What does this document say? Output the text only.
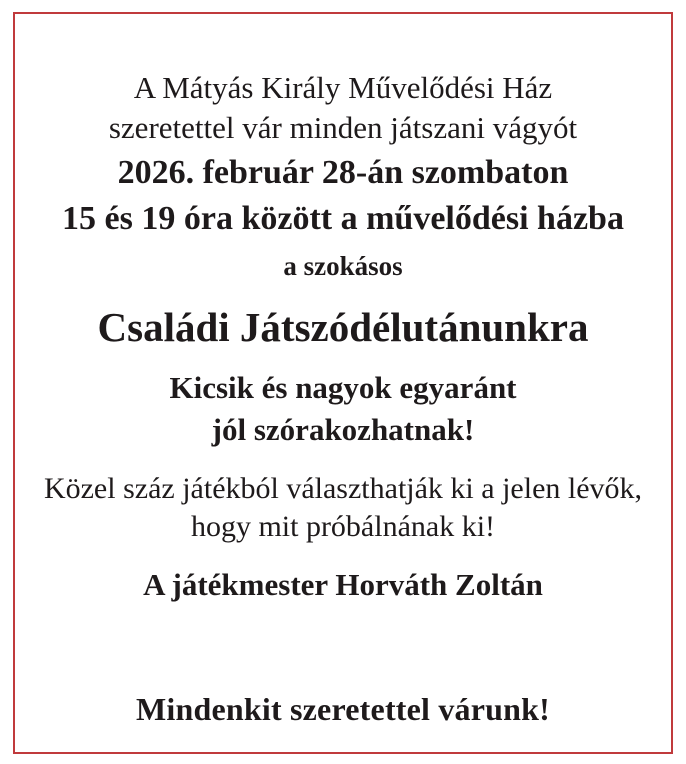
A Mátyás Király Művelődési Ház
szeretettel vár minden játszani vágyót
2026. február 28-án szombaton
15 és 19 óra között a művelődési házba
a szokásos
Családi Játszódélutánunkra
Kicsik és nagyok egyaránt
jól szórakozhatnak!
Közel száz játékból választhatják ki a jelen lévők,
hogy mit próbálnának ki!
A játékmester Horváth Zoltán
Mindenkit szeretettel várunk!
